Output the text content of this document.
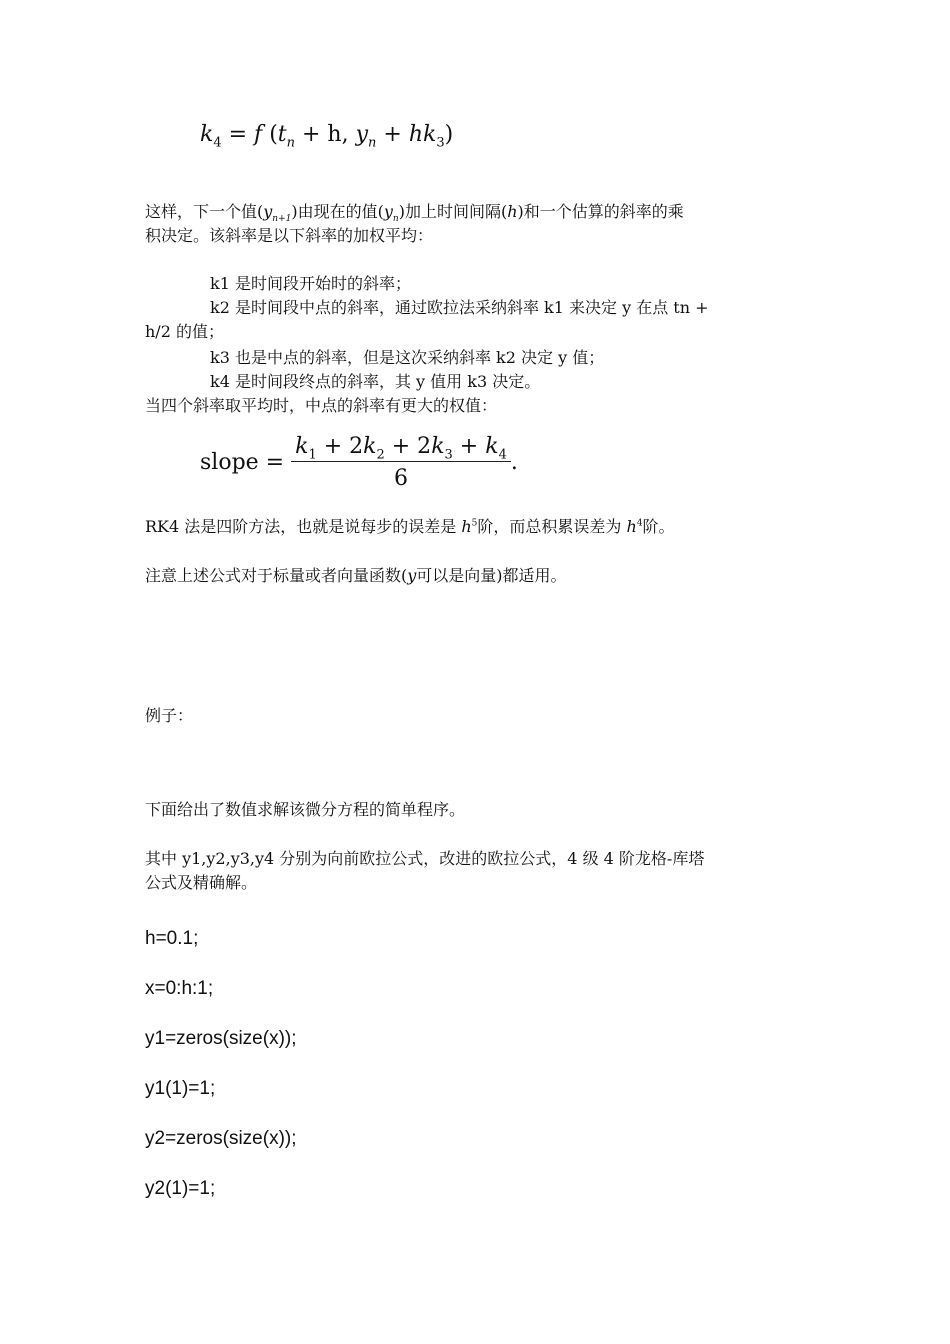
$k_4 = f$ ($t_n + h$, $y_n + hk_3$)
这样，下一个值$(y_{n+1})$由现在的值$(y_n)$加上时间间隔(h)和一个估算的斜率的乘
积决定。该斜率是以下斜率的加权平均：
k1 是时间段开始时的斜率；
k2 是时间段中点的斜率，通过欧拉法采纳斜率 k1 来决定 y 在点 tn +
h/2 的值；
k3 也是中点的斜率，但是这次采纳斜率 k2 决定 y 值；
k4 是时间段终点的斜率，其 y 值用 k3 决定。
当四个斜率取平均时，中点的斜率有更大的权值：
slope = $\frac{k_1 + 2k_2 + 2k_3 + k_4}{6}$ .
RK4 法是四阶方法，也就是说每步的误差是 $h^5$阶，而总积累误差为 $h^4$阶。
注意上述公式对于标量或者向量函数(y可以是向量)都适用。
例子：
下面给出了数值求解该微分方程的简单程序。
其中 y1,y2,y3,y4 分别为向前欧拉公式，改进的欧拉公式，4 级 4 阶龙格-库塔
公式及精确解。
h=0.1;
x=0:h:1;
y1=zeros(size(x));
y1(1)=1;
y2=zeros(size(x));
y2(1)=1;
